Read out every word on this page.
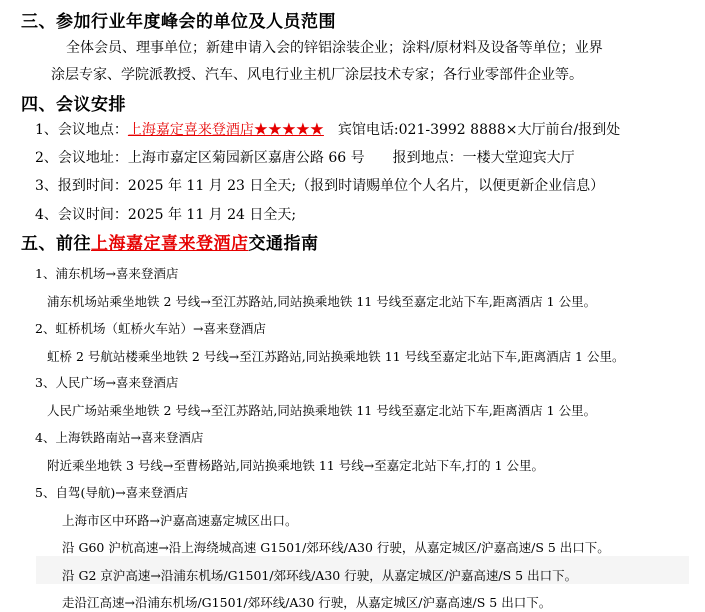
三、参加行业年度峰会的单位及人员范围
全体会员、理事单位；新建申请入会的锌铝涂装企业；涂料/原材料及设备等单位；业界
涂层专家、学院派教授、汽车、风电行业主机厂涂层技术专家；各行业零部件企业等。
四、会议安排
1、会议地点：上海嘉定喜来登酒店★★★★★ 宾馆电话:021-3992 8888×大厅前台/报到处
2、会议地址：上海市嘉定区菊园新区嘉唐公路 66 号　　报到地点：一楼大堂迎宾大厅
3、报到时间：2025 年 11 月 23 日全天;（报到时请赐单位个人名片，以便更新企业信息）
4、会议时间：2025 年 11 月 24 日全天;
五、前往上海嘉定喜来登酒店交通指南
1、浦东机场→喜来登酒店
浦东机场站乘坐地铁 2 号线→至江苏路站,同站换乘地铁 11 号线至嘉定北站下车,距离酒店 1 公里。
2、虹桥机场（虹桥火车站）→喜来登酒店
虹桥 2 号航站楼乘坐地铁 2 号线→至江苏路站,同站换乘地铁 11 号线至嘉定北站下车,距离酒店 1 公里。
3、人民广场→喜来登酒店
人民广场站乘坐地铁 2 号线→至江苏路站,同站换乘地铁 11 号线至嘉定北站下车,距离酒店 1 公里。
4、上海铁路南站→喜来登酒店
附近乘坐地铁 3 号线→至曹杨路站,同站换乘地铁 11 号线→至嘉定北站下车,打的 1 公里。
5、自驾(导航)→喜来登酒店
上海市区中环路→沪嘉高速嘉定城区出口。
沿 G60 沪杭高速→沿上海绕城高速 G1501/郊环线/A30 行驶，从嘉定城区/沪嘉高速/S 5 出口下。
沿 G2 京沪高速→沿浦东机场/G1501/郊环线/A30 行驶，从嘉定城区/沪嘉高速/S 5 出口下。
走沿江高速→沿浦东机场/G1501/郊环线/A30 行驶，从嘉定城区/沪嘉高速/S 5 出口下。
